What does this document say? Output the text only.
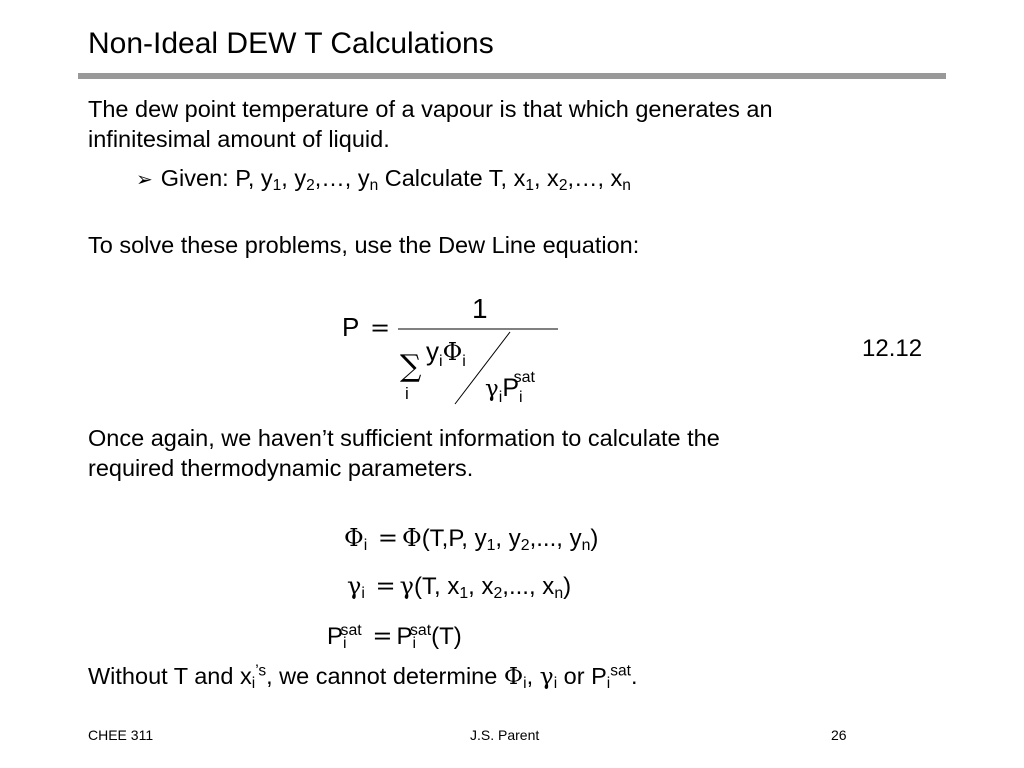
Non-Ideal DEW T Calculations
The dew point temperature of a vapour is that which generates an
infinitesimal amount of liquid.
➢ Given: P, $y_1$, $y_2,\dots$, $y_n$ Calculate T, $x_1$, $x_2,\dots$, $x_n$
To solve these problems, use the Dew Line equation:
P =
1
∑
i
$y_i\Phi_i$
$\gamma_iP_isat$
12.12
Once again, we haven’t sufficient information to calculate the
required thermodynamic parameters.
$\Phi_i = \Phi(T,P$, $y_1$, $y_2$,..., $y_n$)
$\gamma_i = \gamma(T$, $x_1$, $x_2$,..., $x_n$)
$P_i^{sat} = P_i^{sat}(T)$
Without T and $x_i^{’s}$, we cannot determine $\Phi_i$, $\gamma_i$ or $P_i^{sat}$.
CHEE 311	J.S. Parent	26
